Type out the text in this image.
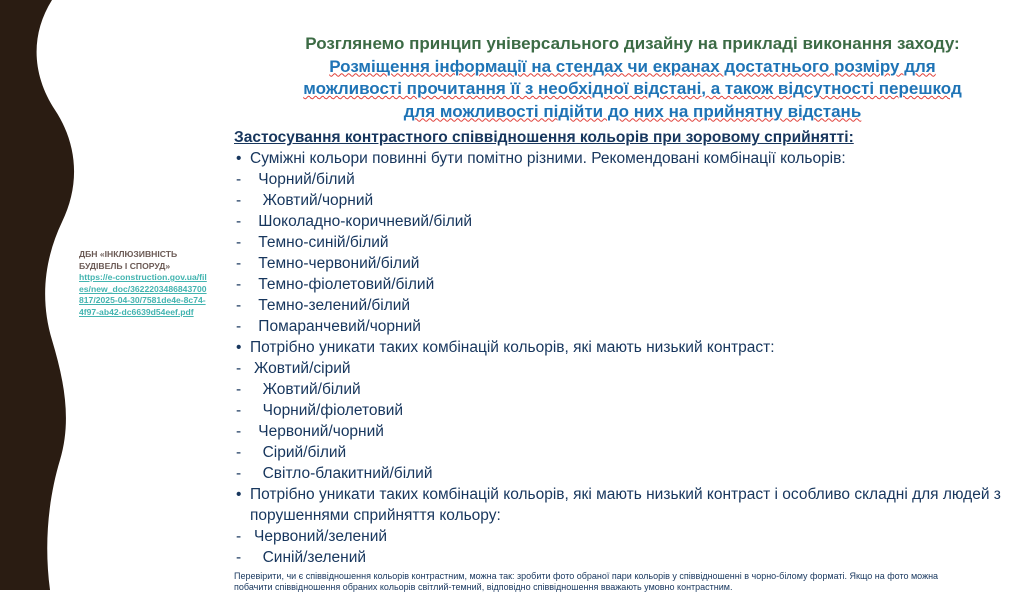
ДБН «ІНКЛЮЗИВНІСТЬ БУДІВЕЛЬ І СПОРУД»
https://e-construction.gov.ua/files/new_doc/3622203486843700817/2025-04-30/7581de4e-8c74-4f97-ab42-dc6639d54eef.pdf
Розглянемо принцип універсального дизайну на прикладі виконання заходу:
Розміщення інформації на стендах чи екранах достатнього розміру для
можливості прочитання її з необхідної відстані, а також відсутності перешкод
для можливості підійти до них на прийнятну відстань
Застосування контрастного співвідношення кольорів при зоровому сприйнятті:
• Суміжні кольори повинні бути помітно різними. Рекомендовані комбінації кольорів:
- Чорний/білий
- Жовтий/чорний
- Шоколадно-коричневий/білий
- Темно-синій/білий
- Темно-червоний/білий
- Темно-фіолетовий/білий
- Темно-зелений/білий
- Помаранчевий/чорний
• Потрібно уникати таких комбінацій кольорів, які мають низький контраст:
- Жовтий/сірий
- Жовтий/білий
- Чорний/фіолетовий
- Червоний/чорний
- Сірий/білий
- Світло-блакитний/білий
• Потрібно уникати таких комбінацій кольорів, які мають низький контраст і особливо складні для людей з
порушеннями сприйняття кольору:
- Червоний/зелений
- Синій/зелений
Перевірити, чи є співвідношення кольорів контрастним, можна так: зробити фото обраної пари кольорів у співвідношенні в чорно-білому форматі. Якщо на фото можна
побачити співвідношення обраних кольорів світлий-темний, відповідно співвідношення вважають умовно контрастним.
